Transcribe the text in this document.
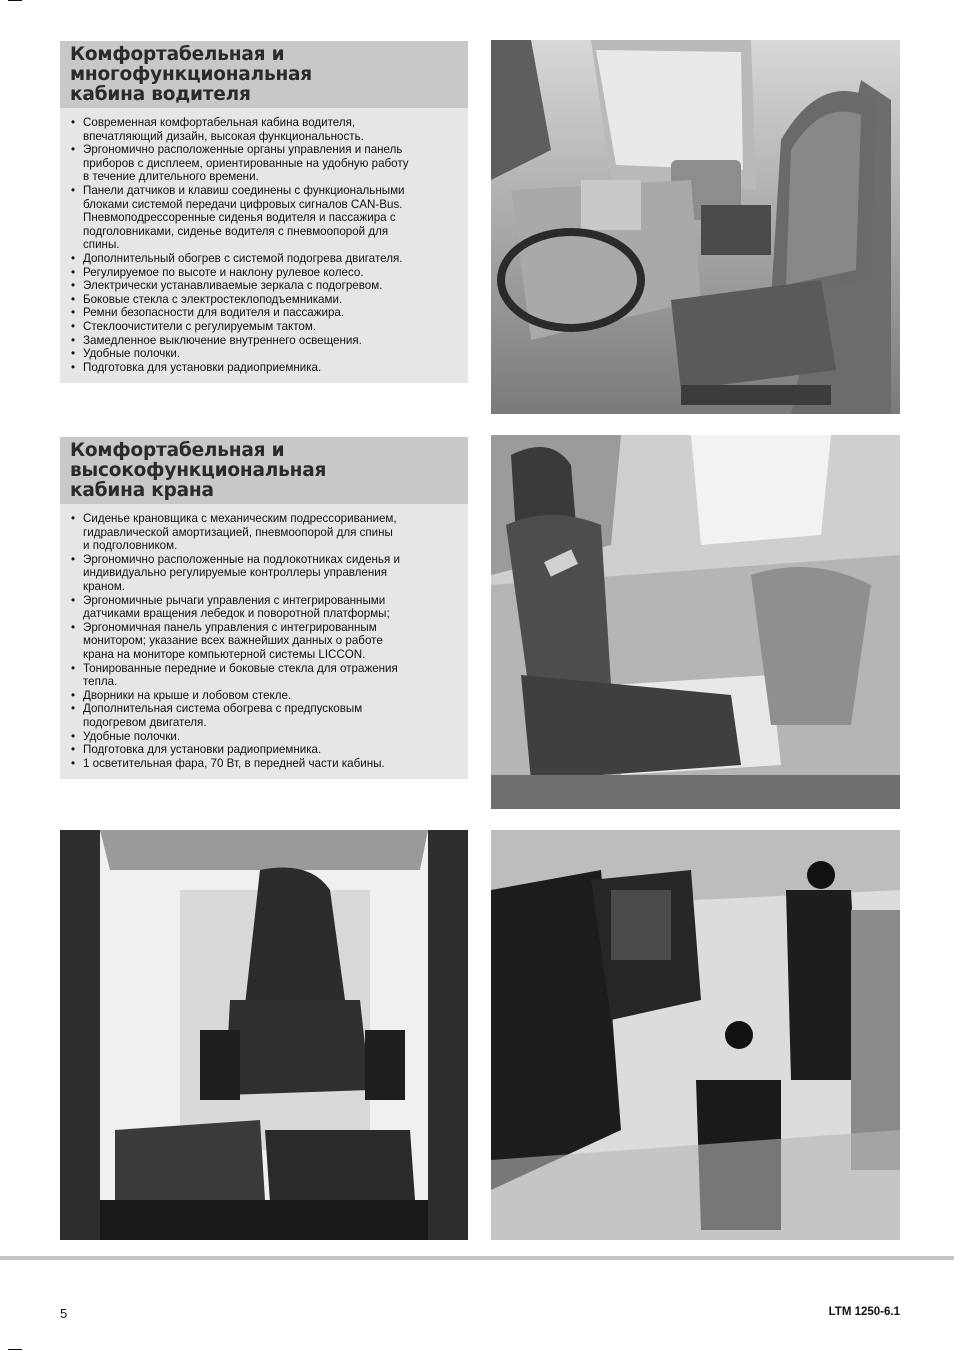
Комфортабельная и
многофункциональная
кабина водителя
• Современная комфортабельная кабина водителя,
впечатляющий дизайн, высокая функциональность.
• Эргономично расположенные органы управления и панель
приборов с дисплеем, ориентированные на удобную работу
в течение длительного времени.
• Панели датчиков и клавиш соединены с функциональными
блоками системой передачи цифровых сигналов CAN-Bus.
Пневмоподрессоренные сиденья водителя и пассажира с
подголовниками, сиденье водителя с пневмоопорой для
спины.
• Дополнительный обогрев с системой подогрева двигателя.
• Регулируемое по высоте и наклону рулевое колесо.
• Электрически устанавливаемые зеркала с подогревом.
• Боковые стекла с электростеклоподъемниками.
• Ремни безопасности для водителя и пассажира.
• Стеклоочистители с регулируемым тактом.
• Замедленное выключение внутреннего освещения.
• Удобные полочки.
• Подготовка для установки радиоприемника.
Комфортабельная и
высокофункциональная
кабина крана
• Сиденье крановщика с механическим подрессориванием,
гидравлической амортизацией, пневмоопорой для спины
и подголовником.
• Эргономично расположенные на подлокотниках сиденья и
индивидуально регулируемые контроллеры управления
краном.
• Эргономичные рычаги управления с интегрированными
датчиками вращения лебедок и поворотной платформы;
• Эргономичная панель управления с интегрированным
монитором; указание всех важнейших данных о работе
крана на мониторе компьютерной системы LICCON.
• Тонированные передние и боковые стекла для отражения
тепла.
• Дворники на крыше и лобовом стекле.
• Дополнительная система обогрева с предпусковым
подогревом двигателя.
• Удобные полочки.
• Подготовка для установки радиоприемника.
• 1 осветительная фара, 70 Вт, в передней части кабины.
5	LTM 1250-6.1
